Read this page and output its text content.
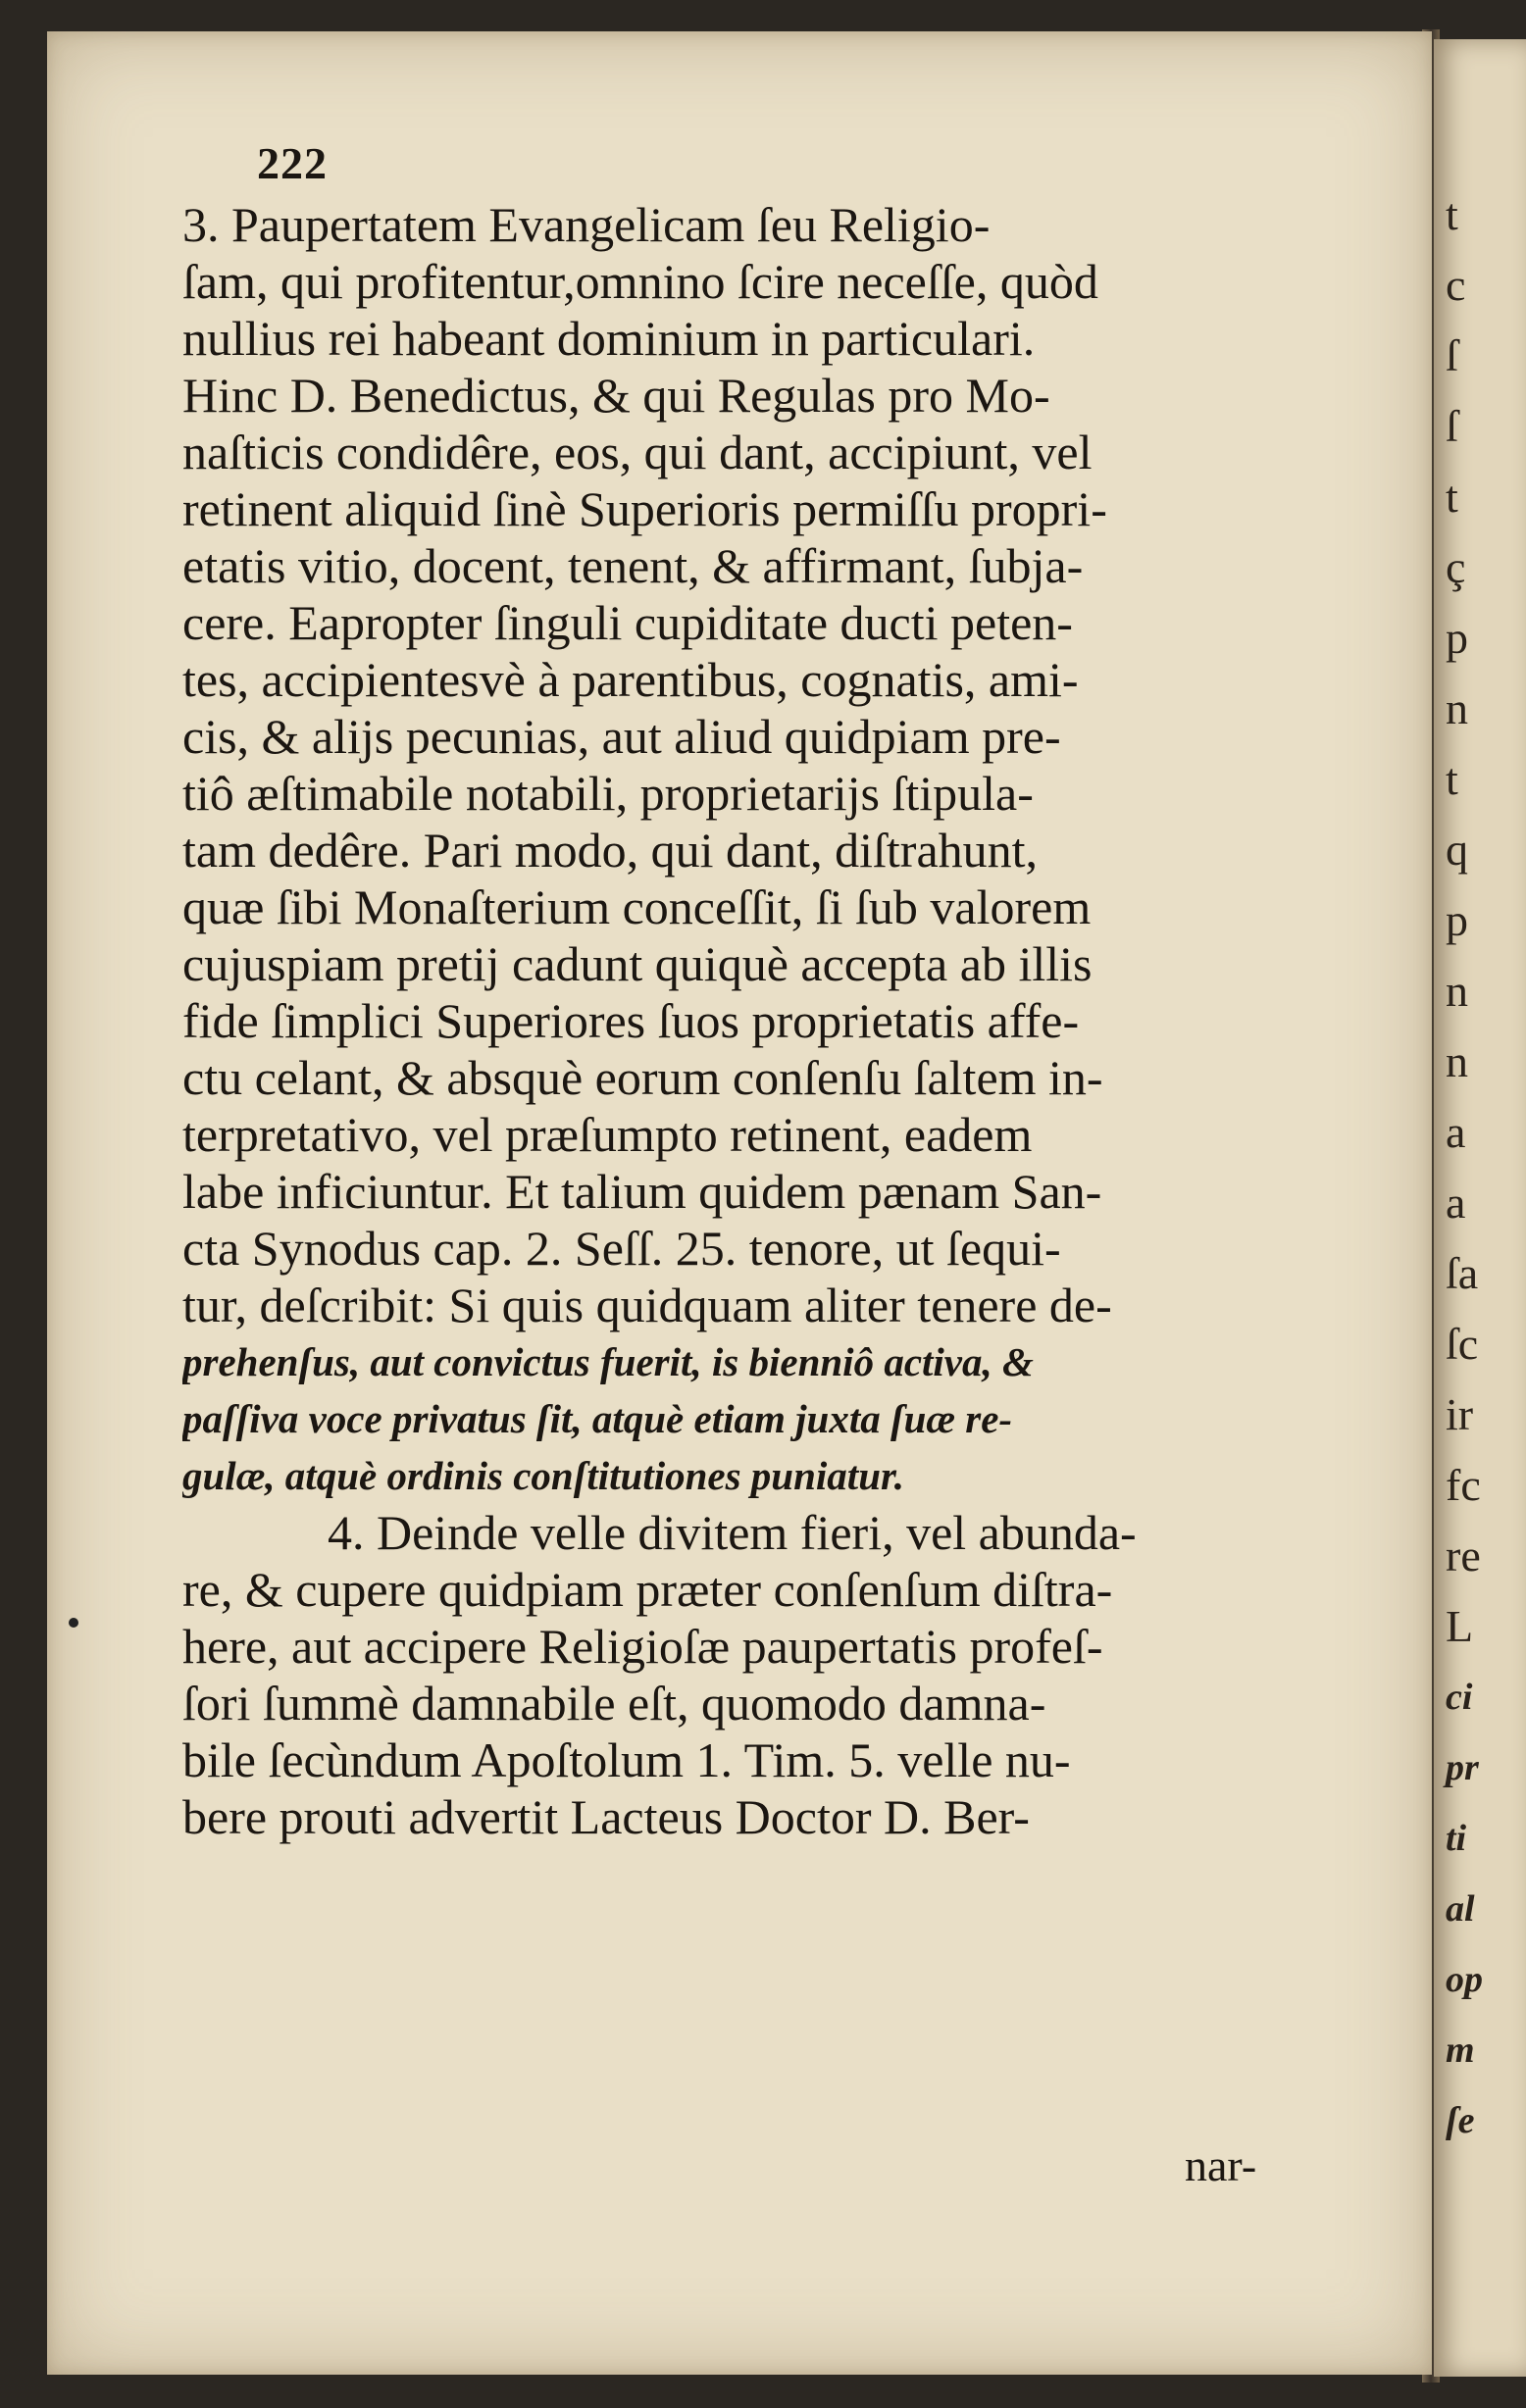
t
c
ſ
ſ
t
ç
p
n
t
q
p
n
n
a
a
ſa
ſc
ir
fc
re
L
ci
pr
ti
al
op
m
ſe
222
3. Paupertatem Evangelicam ſeu Religio-
ſam, qui profitentur,omnino ſcire neceſſe, quòd
nullius rei habeant dominium in particulari.
Hinc D. Benedictus, & qui Regulas pro Mo-
naſticis condidêre, eos, qui dant, accipiunt, vel
retinent aliquid ſinè Superioris permiſſu propri-
etatis vitio, docent, tenent, & affirmant, ſubja-
cere. Eapropter ſinguli cupiditate ducti peten-
tes, accipientesvè à parentibus, cognatis, ami-
cis, & alijs pecunias, aut aliud quidpiam pre-
tiô æſtimabile notabili, proprietarijs ſtipula-
tam dedêre. Pari modo, qui dant, diſtrahunt,
quæ ſibi Monaſterium conceſſit, ſi ſub valorem
cujuspiam pretij cadunt quiquè accepta ab illis
fide ſimplici Superiores ſuos proprietatis affe-
ctu celant, & absquè eorum conſenſu ſaltem in-
terpretativo, vel præſumpto retinent, eadem
labe inficiuntur. Et talium quidem pænam San-
cta Synodus cap. 2. Seſſ. 25. tenore, ut ſequi-
tur, deſcribit: Si quis quidquam aliter tenere de-
prehenſus, aut convictus fuerit, is bienniô activa, &
paſſiva voce privatus ſit, atquè etiam juxta ſuæ re-
gulæ, atquè ordinis conſtitutiones puniatur.
4. Deinde velle divitem fieri, vel abunda-
re, & cupere quidpiam præter conſenſum diſtra-
here, aut accipere Religioſæ paupertatis profeſ-
ſori ſummè damnabile eſt, quomodo damna-
bile ſecùndum Apoſtolum 1. Tim. 5. velle nu-
bere prouti advertit Lacteus Doctor D. Ber-
nar-
